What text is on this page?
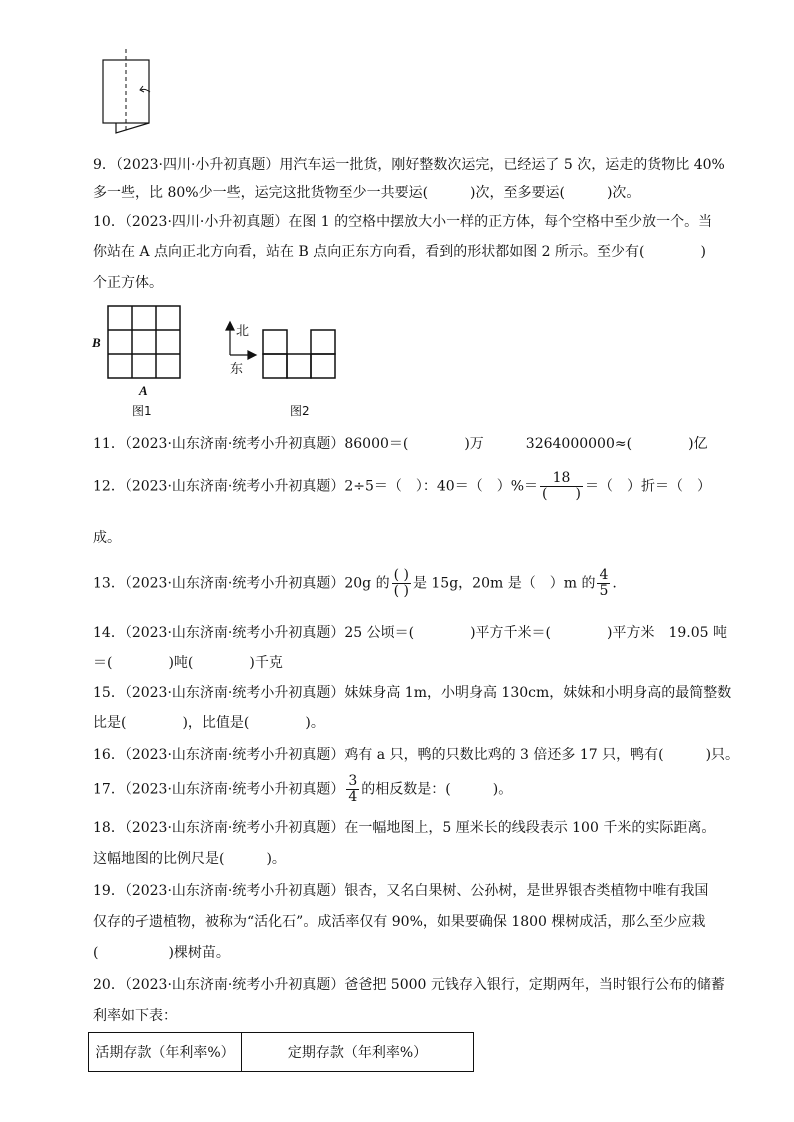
9．（2023·四川·小升初真题）用汽车运一批货，刚好整数次运完，已经运了 5 次，运走的货物比 40%
多一些，比 80%少一些，运完这批货物至少一共要运(　　　)次，至多要运(　　　)次。
10．（2023·四川·小升初真题）在图 1 的空格中摆放大小一样的正方体，每个空格中至少放一个。当
你站在 A 点向正北方向看，站在 B 点向正东方向看，看到的形状都如图 2 所示。至少有(　　　　)
个正方体。
B
A
图1
北
东
图2
11．（2023·山东济南·统考小升初真题）86000＝(　　　　)万　　　3264000000≈(　　　　)亿
12．（2023·山东济南·统考小升初真题）2÷5＝（　）：40＝（　）%＝ $\frac{18}{( )}$ ＝（　）折＝（　）
成。
13．（2023·山东济南·统考小升初真题）20g 的 $\frac{( )}{( )}$ 是 15g，20m 是（　）m 的 $\frac{4}{5}$ .
14．（2023·山东济南·统考小升初真题）25 公顷＝(　　　　)平方千米＝(　　　　)平方米　19.05 吨
＝(　　　　)吨(　　　　)千克
15．（2023·山东济南·统考小升初真题）妹妹身高 1m，小明身高 130cm，妹妹和小明身高的最简整数
比是(　　　　)，比值是(　　　　)。
16．（2023·山东济南·统考小升初真题）鸡有 a 只，鸭的只数比鸡的 3 倍还多 17 只，鸭有(　　　)只。
17．（2023·山东济南·统考小升初真题） $\frac{3}{4}$ 的相反数是：(　　　)。
18．（2023·山东济南·统考小升初真题）在一幅地图上，5 厘米长的线段表示 100 千米的实际距离。
这幅地图的比例尺是(　　　)。
19．（2023·山东济南·统考小升初真题）银杏，又名白果树、公孙树，是世界银杏类植物中唯有我国
仅存的孑遗植物，被称为“活化石”。成活率仅有 90%，如果要确保 1800 棵树成活，那么至少应栽
(　　　　　)棵树苗。
20．（2023·山东济南·统考小升初真题）爸爸把 5000 元钱存入银行，定期两年，当时银行公布的储蓄
利率如下表：
活期存款（年利率%）	定期存款（年利率%）
